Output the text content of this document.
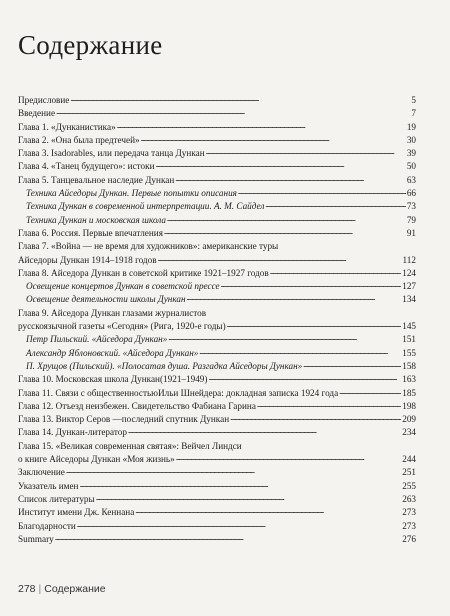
Содержание
Предисловие . . .	5
Введение . . .	7
Глава 1. «Дунканистика» . . .	19
Глава 2. «Она была предтечей» . . .	30
Глава 3. Isadorables, или передача танца Дункан . . .	39
Глава 4. «Танец будущего»: истоки . . .	50
Глава 5. Танцевальное наследие Дункан . . .	63
Техника Айседоры Дункан. Первые попытки описания . . .	66
Техника Дункан в современной интерпретации. А. М. Сайдел . . .	73
Техника Дункан и московская школа . . .	79
Глава 6. Россия. Первые впечатления . . .	91
Глава 7. «Война — не время для художников»: американские туры
Айседоры Дункан 1914–1918 годов . . .	112
Глава 8. Айседора Дункан в советской критике 1921–1927 годов . . .	124
Освещение концертов Дункан в советской прессе . . .	127
Освещение деятельности школы Дункан . . .	134
Глава 9. Айседора Дункан глазами журналистов
русскоязычной газеты «Сегодня» (Рига, 1920-е годы) . . .	145
Петр Пильский. «Айседора Дункан» . . .	151
Александр Яблоновский. «Айседора Дункан» . . .	155
П. Хрущов (Пильский). «Полосатая душа. Разгадка Айседоры Дункан» . . .	158
Глава 10. Московская школа Дункан(1921–1949) . . .	163
Глава 11. Связи с общественностьюИльи Шнейдера: докладная записка 1924 года . . .	185
Глава 12. Отъезд неизбежен. Свидетельство Фабиана Гарина . . .	198
Глава 13. Виктор Серов —последний спутник Дункан . . .	209
Глава 14. Дункан-литератор . . .	234
Глава 15. «Великая современная святая»: Вейчел Линдси
о книге Айседоры Дункан «Моя жизнь» . . .	244
Заключение . . .	251
Указатель имен . . .	255
Список литературы . . .	263
Институт имени Дж. Кеннана . . .	273
Благодарности . . .	273
Summary . . .	276
278 | Содержание
